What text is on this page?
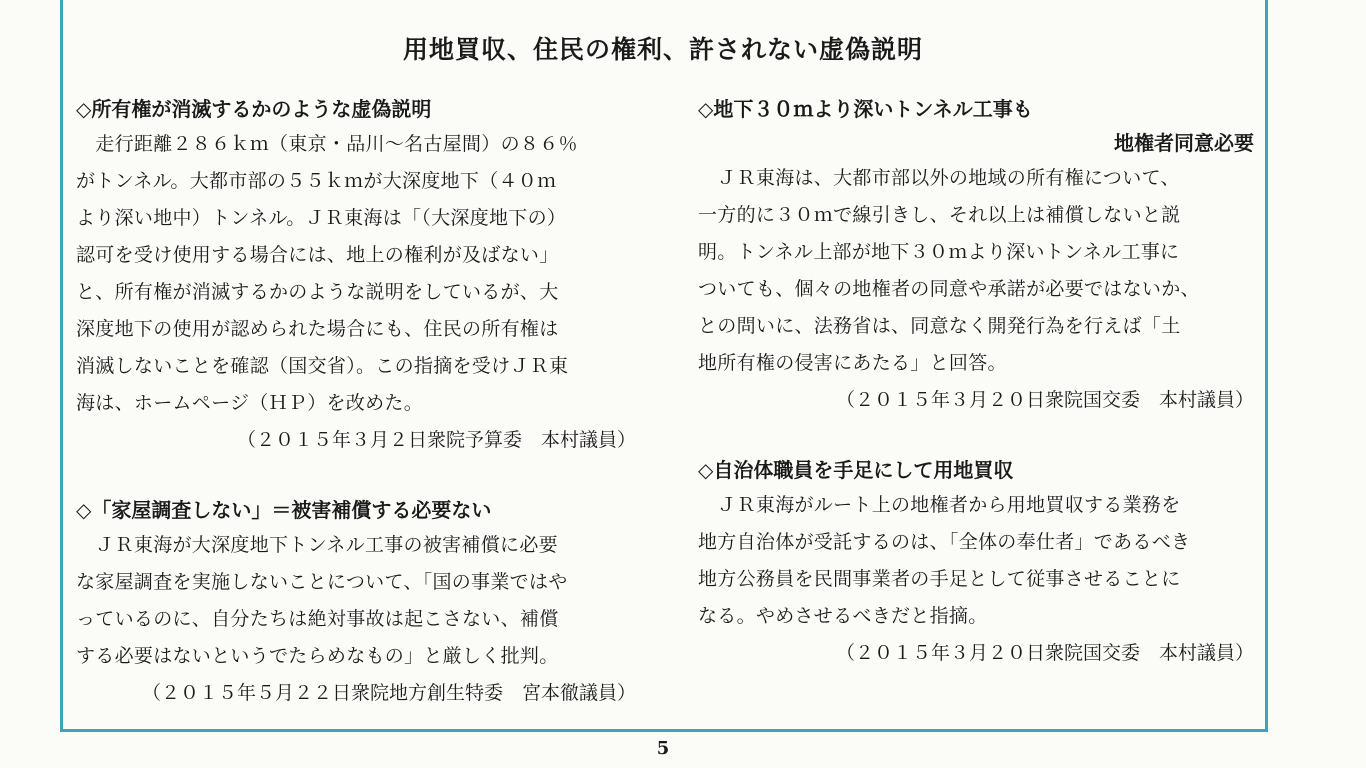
用地買収、住民の権利、許されない虚偽説明
◇所有権が消滅するかのような虚偽説明
　走行距離２８６ｋｍ（東京・品川～名古屋間）の８６％
がトンネル。大都市部の５５ｋｍが大深度地下（４０ｍ
より深い地中）トンネル。ＪＲ東海は「（大深度地下の）
認可を受け使用する場合には、地上の権利が及ばない」
と、所有権が消滅するかのような説明をしているが、大
深度地下の使用が認められた場合にも、住民の所有権は
消滅しないことを確認（国交省）。この指摘を受けＪＲ東
海は、ホームページ（ＨＰ）を改めた。
（２０１５年３月２日衆院予算委　本村議員）
◇「家屋調査しない」＝被害補償する必要ない
　ＪＲ東海が大深度地下トンネル工事の被害補償に必要
な家屋調査を実施しないことについて、「国の事業ではや
っているのに、自分たちは絶対事故は起こさない、補償
する必要はないというでたらめなもの」と厳しく批判。
（２０１５年５月２２日衆院地方創生特委　宮本徹議員）
◇地下３０ｍより深いトンネル工事も
地権者同意必要
　ＪＲ東海は、大都市部以外の地域の所有権について、
一方的に３０ｍで線引きし、それ以上は補償しないと説
明。トンネル上部が地下３０ｍより深いトンネル工事に
ついても、個々の地権者の同意や承諾が必要ではないか、
との問いに、法務省は、同意なく開発行為を行えば「土
地所有権の侵害にあたる」と回答。
（２０１５年３月２０日衆院国交委　本村議員）
◇自治体職員を手足にして用地買収
　ＪＲ東海がルート上の地権者から用地買収する業務を
地方自治体が受託するのは、「全体の奉仕者」であるべき
地方公務員を民間事業者の手足として従事させることに
なる。やめさせるべきだと指摘。
（２０１５年３月２０日衆院国交委　本村議員）
5
